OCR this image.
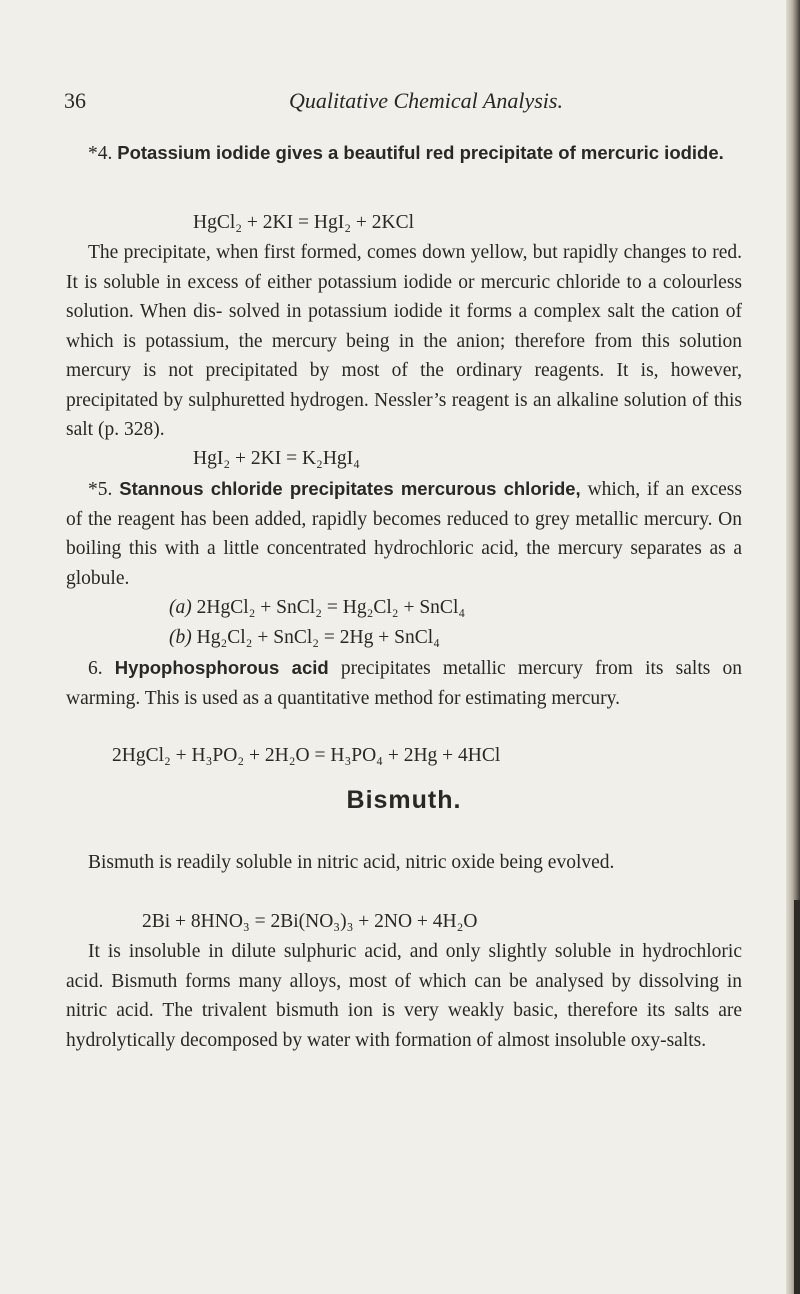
36	Qualitative Chemical Analysis.

*4. Potassium iodide gives a beautiful red precipitate of mercuric iodide.

HgCl₂ + 2KI = HgI₂ + 2KCl

The precipitate, when first formed, comes down yellow, but rapidly changes to red. It is soluble in excess of either potassium iodide or mercuric chloride to a colourless solution. When dis- solved in potassium iodide it forms a complex salt the cation of which is potassium, the mercury being in the anion; therefore from this solution mercury is not precipitated by most of the ordinary reagents. It is, however, precipitated by sulphuretted hydrogen. Nessler’s reagent is an alkaline solution of this salt (p. 328).

HgI₂ + 2KI = K₂HgI₄

*5. Stannous chloride precipitates mercurous chloride, which, if an excess of the reagent has been added, rapidly becomes reduced to grey metallic mercury. On boiling this with a little concentrated hydrochloric acid, the mercury separates as a globule.

(a) 2HgCl₂ + SnCl₂ = Hg₂Cl₂ + SnCl₄
(b) Hg₂Cl₂ + SnCl₂ = 2Hg + SnCl₄

6. Hypophosphorous acid precipitates metallic mercury from its salts on warming. This is used as a quantitative method for estimating mercury.

2HgCl₂ + H₃PO₂ + 2H₂O = H₃PO₄ + 2Hg + 4HCl
Bismuth.

Bismuth is readily soluble in nitric acid, nitric oxide being evolved.

2Bi + 8HNO₃ = 2Bi(NO₃)₃ + 2NO + 4H₂O

It is insoluble in dilute sulphuric acid, and only slightly soluble in hydrochloric acid. Bismuth forms many alloys, most of which can be analysed by dissolving in nitric acid. The trivalent bismuth ion is very weakly basic, therefore its salts are hydrolytically decomposed by water with formation of almost insoluble oxy-salts.
